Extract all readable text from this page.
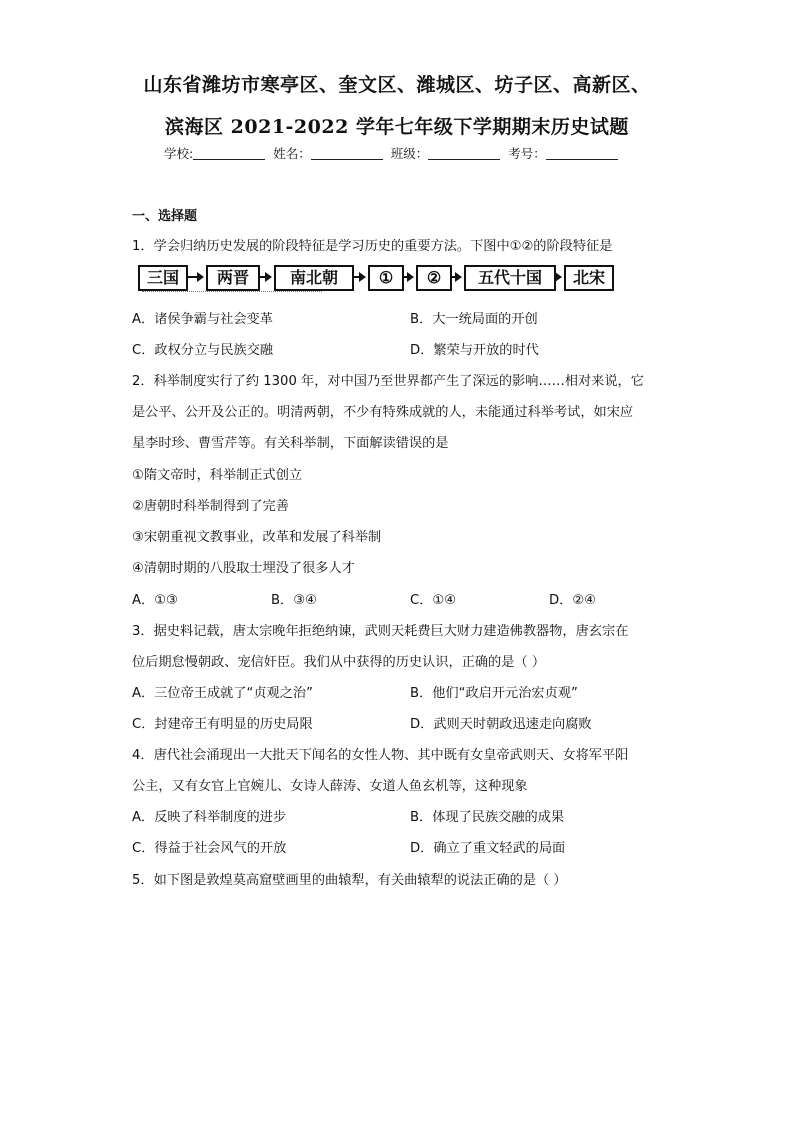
山东省潍坊市寒亭区、奎文区、潍城区、坊子区、高新区、
滨海区 2021-2022 学年七年级下学期期末历史试题
学校:	姓名：	班级：	考号：
一、选择题
1．学会归纳历史发展的阶段特征是学习历史的重要方法。下图中①②的阶段特征是
三国	两晋	南北朝	①	②	五代十国	北宋
A．诸侯争霸与社会变革	B．大一统局面的开创
C．政权分立与民族交融	D．繁荣与开放的时代
2．科举制度实行了约 1300 年，对中国乃至世界都产生了深远的影响……相对来说，它
是公平、公开及公正的。明清两朝，不少有特殊成就的人，未能通过科举考试，如宋应
星李时珍、曹雪芹等。有关科举制，下面解读错误的是
①隋文帝时，科举制正式创立
②唐朝时科举制得到了完善
③宋朝重视文教事业，改革和发展了科举制
④清朝时期的八股取士埋没了很多人才
A．①③	B．③④	C．①④	D．②④
3．据史料记载，唐太宗晚年拒绝纳谏，武则天耗费巨大财力建造佛教器物，唐玄宗在
位后期怠慢朝政、宠信奸臣。我们从中获得的历史认识，正确的是（ ）
A．三位帝王成就了“贞观之治”	B．他们“政启开元治宏贞观”
C．封建帝王有明显的历史局限	D．武则天时朝政迅速走向腐败
4．唐代社会涌现出一大批天下闻名的女性人物、其中既有女皇帝武则天、女将军平阳
公主，又有女官上官婉儿、女诗人薛涛、女道人鱼玄机等，这种现象
A．反映了科举制度的进步	B．体现了民族交融的成果
C．得益于社会风气的开放	D．确立了重文轻武的局面
5．如下图是敦煌莫高窟壁画里的曲辕犁，有关曲辕犁的说法正确的是（ ）
